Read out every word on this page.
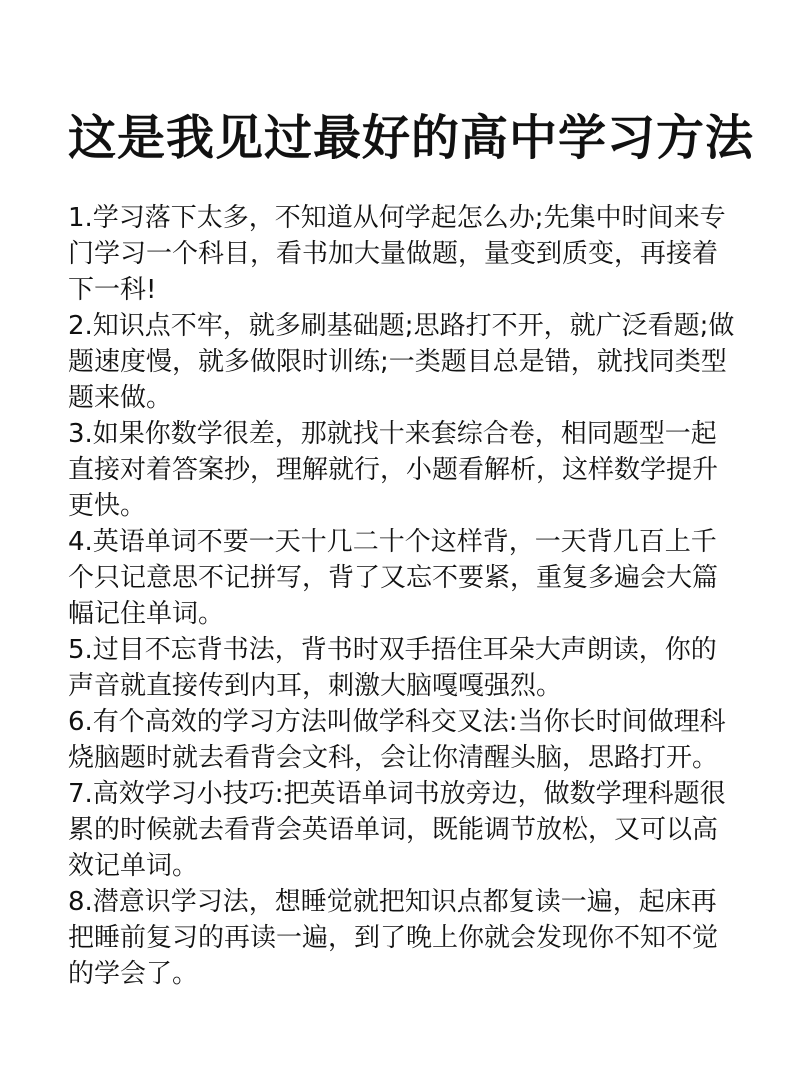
这是我见过最好的高中学习方法

1.学习落下太多，不知道从何学起怎么办;先集中时间来专门学习一个科目，看书加大量做题，量变到质变，再接着下一科!

2.知识点不牢，就多刷基础题;思路打不开，就广泛看题;做题速度慢，就多做限时训练;一类题目总是错，就找同类型题来做。

3.如果你数学很差，那就找十来套综合卷，相同题型一起直接对着答案抄，理解就行，小题看解析，这样数学提升更快。

4.英语单词不要一天十几二十个这样背，一天背几百上千个只记意思不记拼写，背了又忘不要紧，重复多遍会大篇幅记住单词。

5.过目不忘背书法，背书时双手捂住耳朵大声朗读，你的声音就直接传到内耳，刺激大脑嘎嘎强烈。

6.有个高效的学习方法叫做学科交叉法:当你长时间做理科烧脑题时就去看背会文科，会让你清醒头脑，思路打开。

7.高效学习小技巧:把英语单词书放旁边，做数学理科题很累的时候就去看背会英语单词，既能调节放松，又可以高效记单词。

8.潜意识学习法，想睡觉就把知识点都复读一遍，起床再把睡前复习的再读一遍，到了晚上你就会发现你不知不觉的学会了。
